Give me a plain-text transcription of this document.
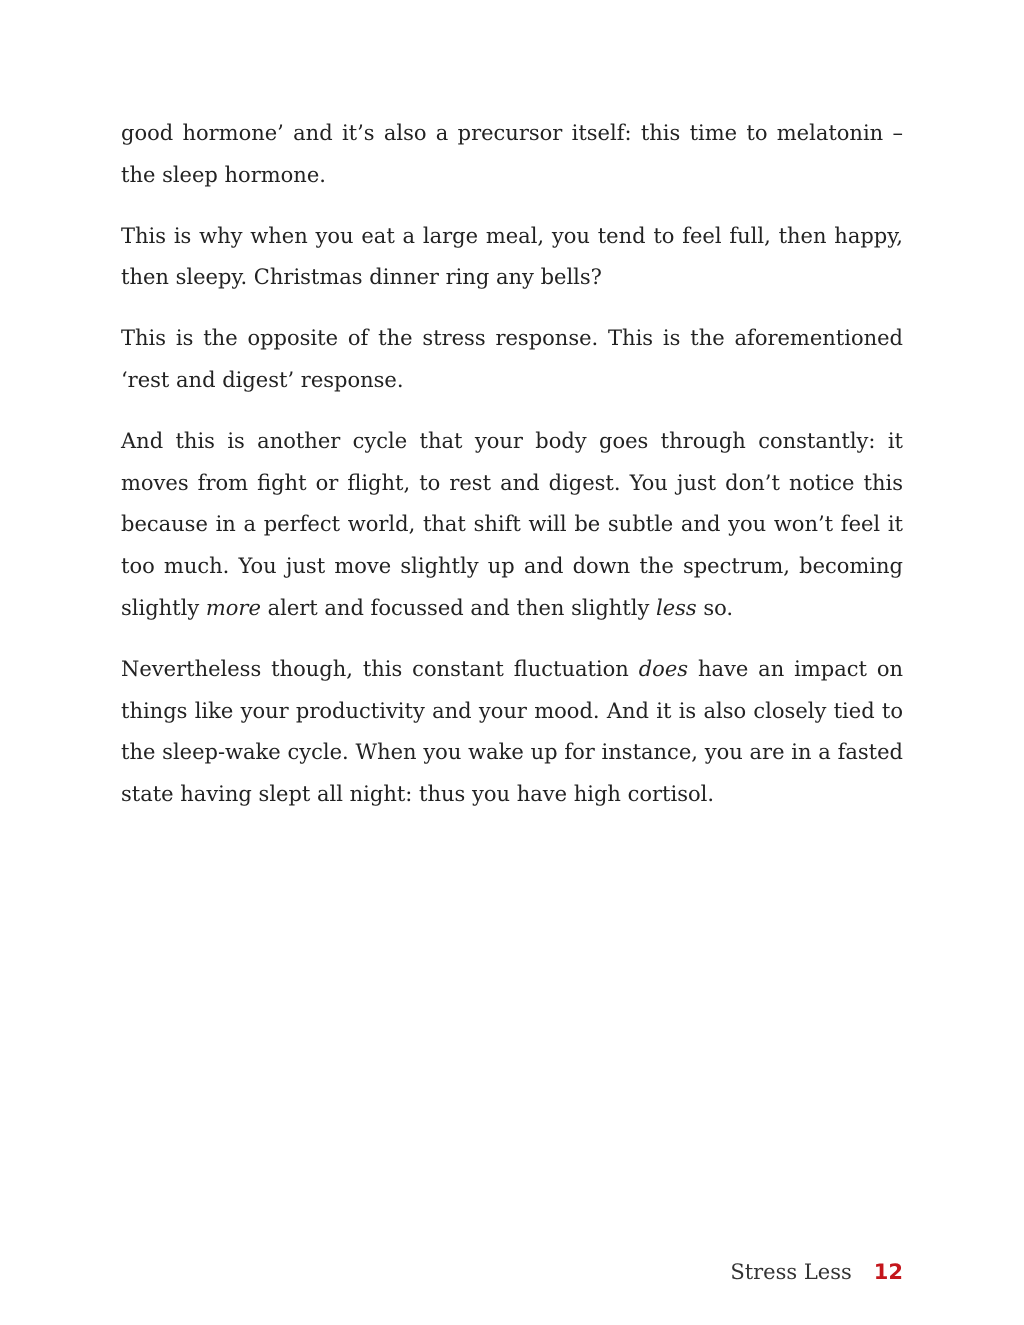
good hormone’ and it’s also a precursor itself: this time to melatonin – the sleep hormone.

This is why when you eat a large meal, you tend to feel full, then happy, then sleepy. Christmas dinner ring any bells?

This is the opposite of the stress response. This is the aforementioned ‘rest and digest’ response.

And this is another cycle that your body goes through constantly: it moves from fight or flight, to rest and digest. You just don’t notice this because in a perfect world, that shift will be subtle and you won’t feel it too much. You just move slightly up and down the spectrum, becoming slightly more alert and focussed and then slightly less so.

Nevertheless though, this constant fluctuation does have an impact on things like your productivity and your mood. And it is also closely tied to the sleep-wake cycle. When you wake up for instance, you are in a fasted state having slept all night: thus you have high cortisol.

Stress Less 12
